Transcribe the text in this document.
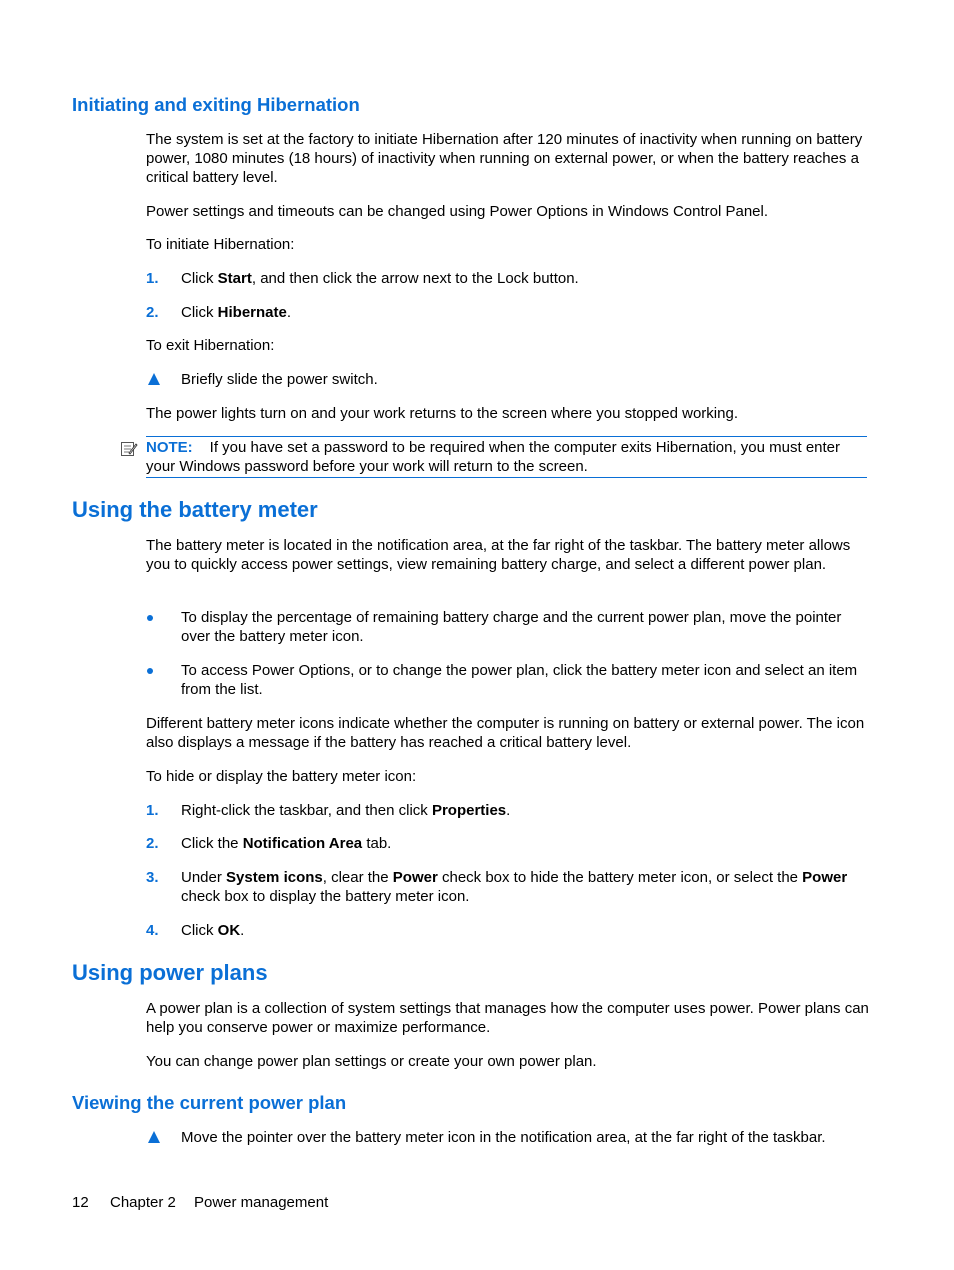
Initiating and exiting Hibernation
The system is set at the factory to initiate Hibernation after 120 minutes of inactivity when running on battery power, 1080 minutes (18 hours) of inactivity when running on external power, or when the battery reaches a critical battery level.
Power settings and timeouts can be changed using Power Options in Windows Control Panel.
To initiate Hibernation:
1. Click Start, and then click the arrow next to the Lock button.
2. Click Hibernate.
To exit Hibernation:
Briefly slide the power switch.
The power lights turn on and your work returns to the screen where you stopped working.
NOTE: If you have set a password to be required when the computer exits Hibernation, you must enter
your Windows password before your work will return to the screen.
Using the battery meter
The battery meter is located in the notification area, at the far right of the taskbar. The battery meter allows you to quickly access power settings, view remaining battery charge, and select a different power plan.
To display the percentage of remaining battery charge and the current power plan, move the pointer over the battery meter icon.
To access Power Options, or to change the power plan, click the battery meter icon and select an item from the list.
Different battery meter icons indicate whether the computer is running on battery or external power. The icon also displays a message if the battery has reached a critical battery level.
To hide or display the battery meter icon:
1. Right-click the taskbar, and then click Properties.
2. Click the Notification Area tab.
3. Under System icons, clear the Power check box to hide the battery meter icon, or select the Power check box to display the battery meter icon.
4. Click OK.
Using power plans
A power plan is a collection of system settings that manages how the computer uses power. Power plans can help you conserve power or maximize performance.
You can change power plan settings or create your own power plan.
Viewing the current power plan
Move the pointer over the battery meter icon in the notification area, at the far right of the taskbar.
12 Chapter 2 Power management
